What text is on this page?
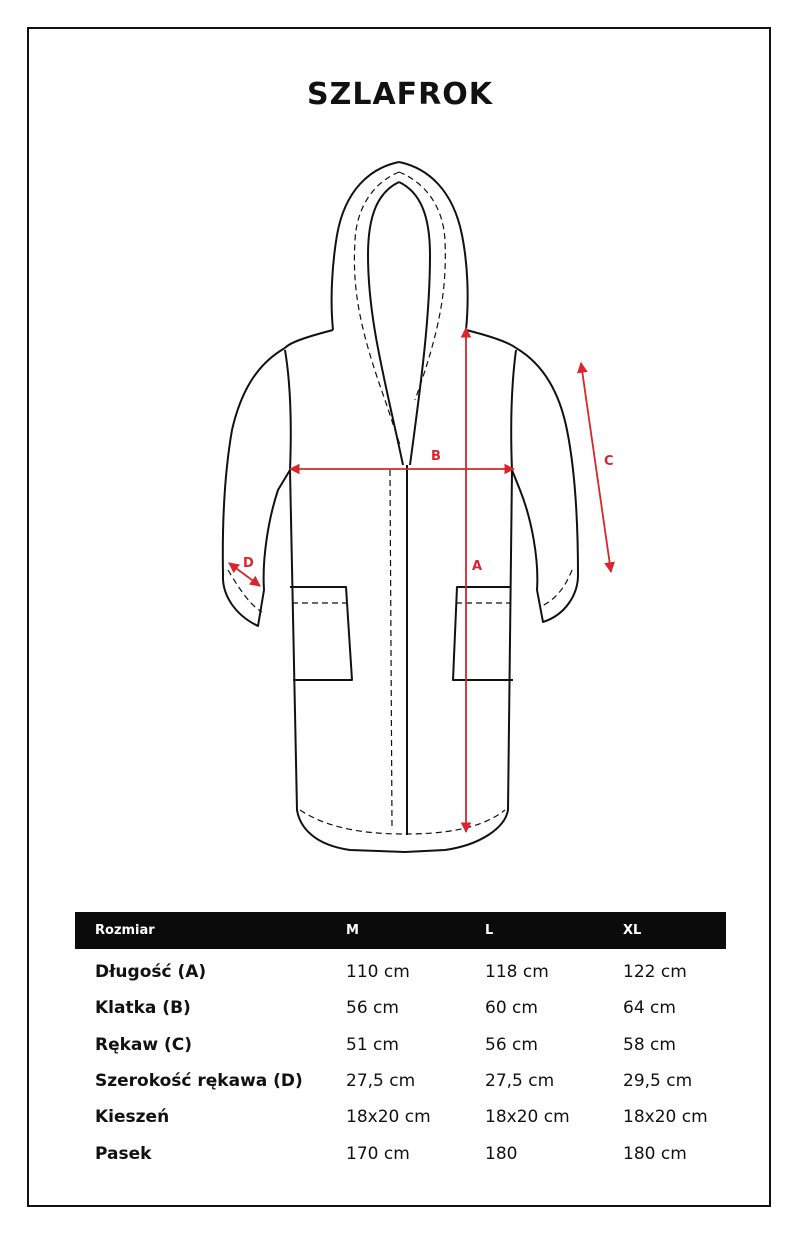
SZLAFROK
A
B	C
D
Rozmiar	M	L	XL
Długość (A)	110 cm	118 cm	122 cm
Klatka (B)	56 cm	60 cm	64 cm
Rękaw (C)	51 cm	56 cm	58 cm
Szerokość rękawa (D)	27,5 cm	27,5 cm	29,5 cm
Kieszeń	18x20 cm	18x20 cm	18x20 cm
Pasek	170 cm	180	180 cm
